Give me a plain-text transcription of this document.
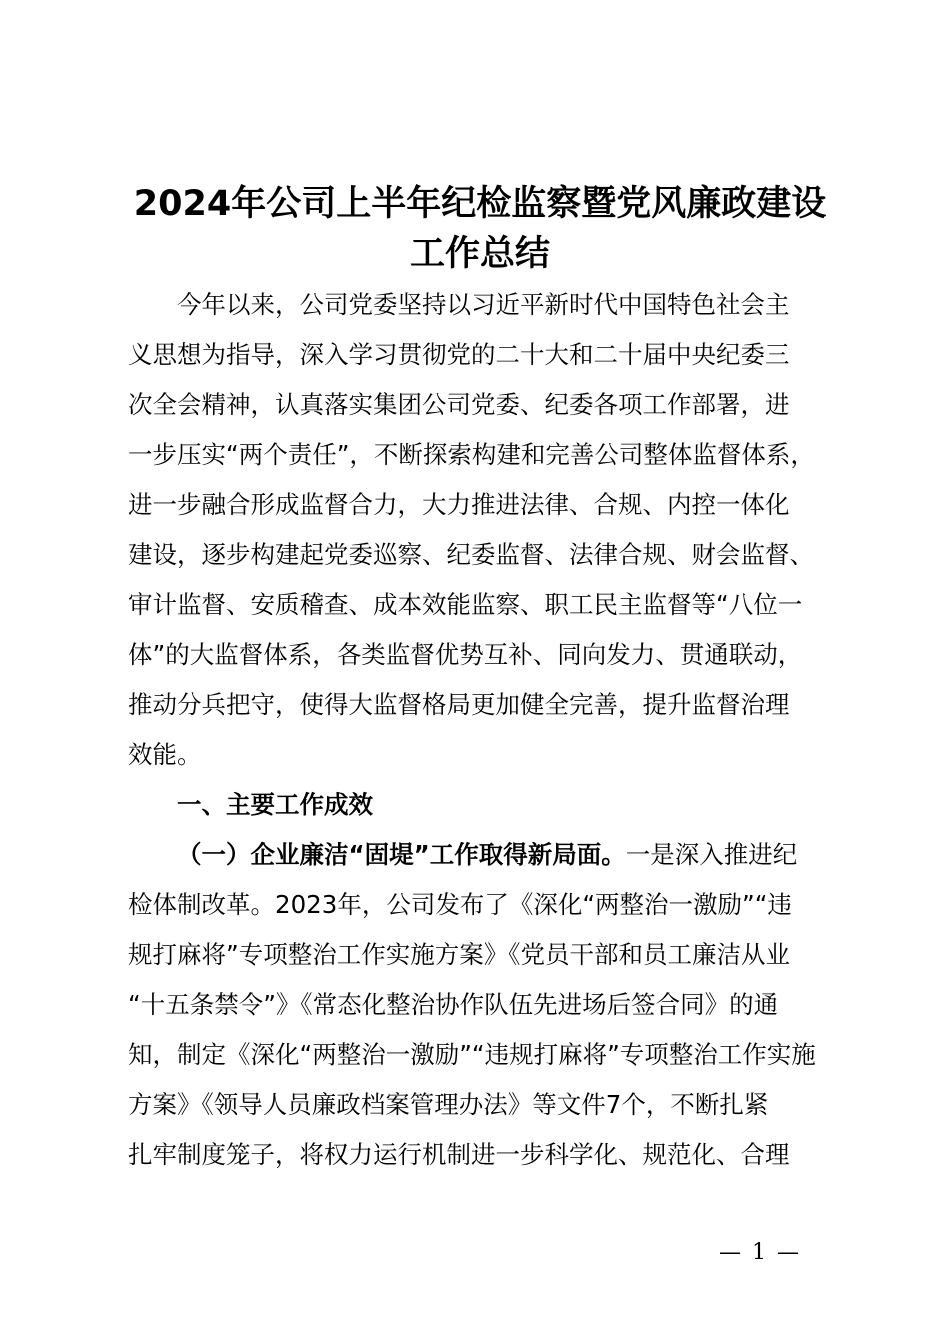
2024年公司上半年纪检监察暨党风廉政建设
工作总结

今年以来，公司党委坚持以习近平新时代中国特色社会主
义思想为指导，深入学习贯彻党的二十大和二十届中央纪委三
次全会精神，认真落实集团公司党委、纪委各项工作部署，进
一步压实“两个责任”，不断探索构建和完善公司整体监督体系，
进一步融合形成监督合力，大力推进法律、合规、内控一体化
建设，逐步构建起党委巡察、纪委监督、法律合规、财会监督、
审计监督、安质稽查、成本效能监察、职工民主监督等“八位一
体”的大监督体系，各类监督优势互补、同向发力、贯通联动，
推动分兵把守，使得大监督格局更加健全完善，提升监督治理
效能。

一、主要工作成效

（一）企业廉洁“固堤”工作取得新局面。一是深入推进纪
检体制改革。2023年，公司发布了《深化“两整治一激励”“违
规打麻将”专项整治工作实施方案》《党员干部和员工廉洁从业
“十五条禁令”》《常态化整治协作队伍先进场后签合同》的通
知，制定《深化“两整治一激励”“违规打麻将”专项整治工作实施
方案》《领导人员廉政档案管理办法》等文件7个，不断扎紧
扎牢制度笼子，将权力运行机制进一步科学化、规范化、合理

— 1 —
